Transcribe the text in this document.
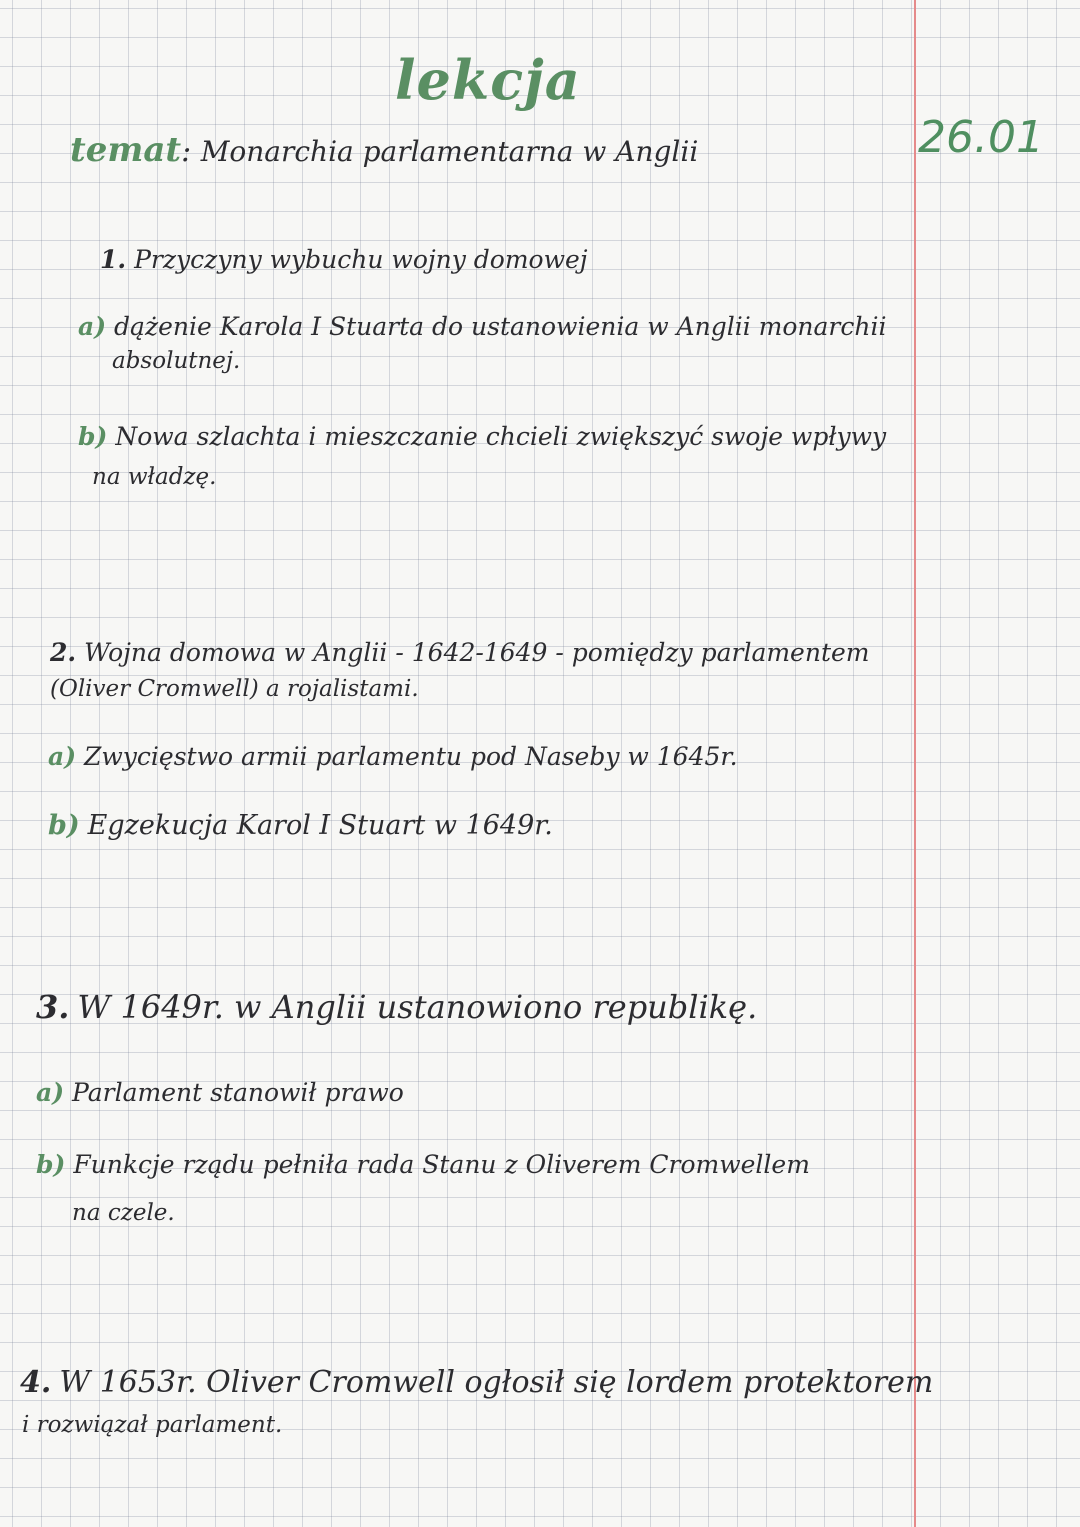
lekcja
26.01
temat: Monarchia parlamentarna w Anglii
1. Przyczyny wybuchu wojny domowej
a) dążenie Karola I Stuarta do ustanowienia w Anglii monarchii
absolutnej.
b) Nowa szlachta i mieszczanie chcieli zwiększyć swoje wpływy
na władzę.
2. Wojna domowa w Anglii - 1642-1649 - pomiędzy parlamentem
(Oliver Cromwell) a rojalistami.
a) Zwycięstwo armii parlamentu pod Naseby w 1645r.
b) Egzekucja Karol I Stuart w 1649r.
3. W 1649r. w Anglii ustanowiono republikę.
a) Parlament stanowił prawo
b) Funkcje rządu pełniła rada Stanu z Oliverem Cromwellem
na czele.
4. W 1653r. Oliver Cromwell ogłosił się lordem protektorem
i rozwiązał parlament.
